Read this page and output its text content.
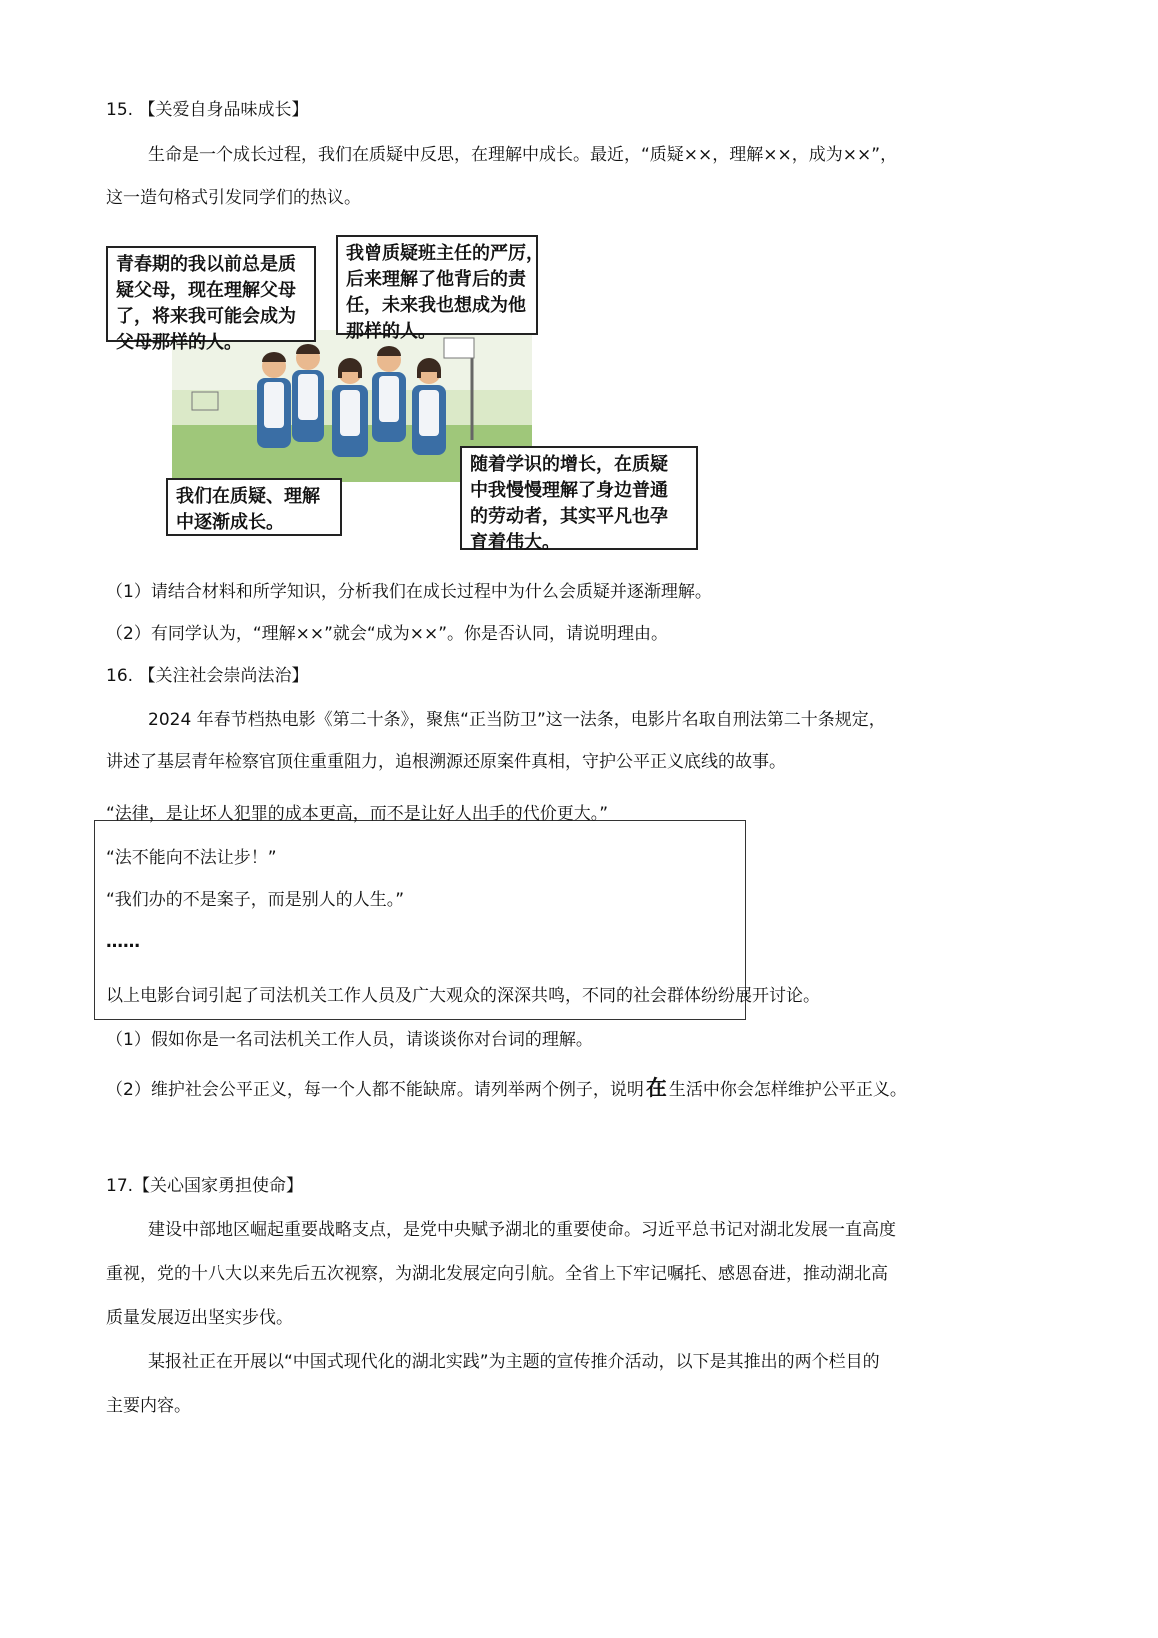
15. 【关爱自身品味成长】
生命是一个成长过程，我们在质疑中反思，在理解中成长。最近，“质疑××，理解××，成为××”，
这一造句格式引发同学们的热议。
青春期的我以前总是质
疑父母，现在理解父母
了，将来我可能会成为
父母那样的人。
我曾质疑班主任的严厉，
后来理解了他背后的责
任，未来我也想成为他
那样的人。
我们在质疑、理解
中逐渐成长。
随着学识的增长，在质疑
中我慢慢理解了身边普通
的劳动者，其实平凡也孕
育着伟大。
（1）请结合材料和所学知识，分析我们在成长过程中为什么会质疑并逐渐理解。
（2）有同学认为，“理解××”就会“成为××”。你是否认同，请说明理由。
16. 【关注社会崇尚法治】
2024 年春节档热电影《第二十条》，聚焦“正当防卫”这一法条，电影片名取自刑法第二十条规定，
讲述了基层青年检察官顶住重重阻力，追根溯源还原案件真相，守护公平正义底线的故事。
“法律，是让坏人犯罪的成本更高，而不是让好人出手的代价更大。”
“法不能向不法让步！”
“我们办的不是案子，而是别人的人生。”
……
以上电影台词引起了司法机关工作人员及广大观众的深深共鸣，不同的社会群体纷纷展开讨论。
（1）假如你是一名司法机关工作人员，请谈谈你对台词的理解。
（2）维护社会公平正义，每一个人都不能缺席。请列举两个例子，说明在 生活中你会怎样维护公平正义。
17.【关心国家勇担使命】
建设中部地区崛起重要战略支点，是党中央赋予湖北的重要使命。习近平总书记对湖北发展一直高度
重视，党的十八大以来先后五次视察，为湖北发展定向引航。全省上下牢记嘱托、感恩奋进，推动湖北高
质量发展迈出坚实步伐。
某报社正在开展以“中国式现代化的湖北实践”为主题的宣传推介活动，以下是其推出的两个栏目的
主要内容。
